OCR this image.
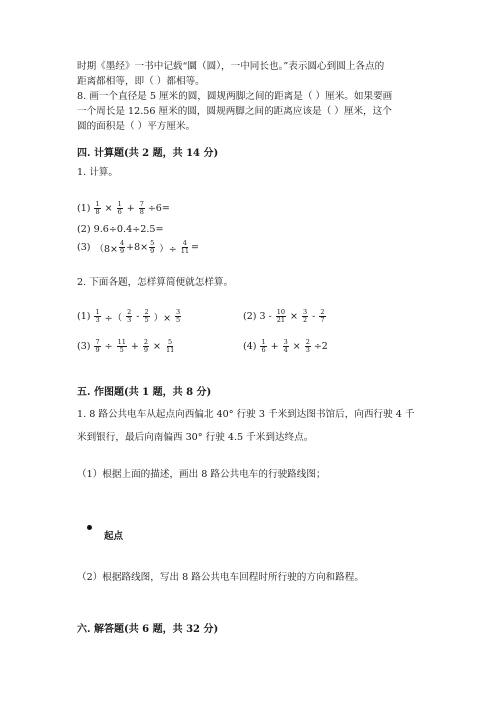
时期《墨经》一书中记载“圜（圆），一中同长也。”表示圆心到圆上各点的
距离都相等，即（ ）都相等。
8. 画一个直径是 5 厘米的圆，圆规两脚之间的距离是（ ）厘米。如果要画
一个周长是 12.56 厘米的圆，圆规两脚之间的距离应该是（ ）厘米，这个
圆的面积是（ ）平方厘米。
四. 计算题(共 2 题，共 14 分)
1. 计算。
$(1) \frac{1}{8} \times \frac{1}{6} + \frac{7}{8} \div 6=$
(2) 9.6÷0.4÷2.5=
(3) （$8\times \frac{4}{9} +8\times \frac{5}{9}$ ）÷ $\frac{4}{11}$ =
2. 下面各题，怎样算简便就怎样算。
$(1) \frac{1}{3}$ ÷（ $\frac{2}{3} - \frac{2}{5}$ ）× $\frac{3}{5}$	(2) $3 - \frac{10}{21} \times \frac{3}{2} - \frac{2}{7}$
$(3) \frac{7}{9} \div \frac{11}{5} + \frac{2}{9} \times \frac{5}{11}$	$(4) \frac{1}{6} + \frac{3}{4} \times \frac{2}{3} \div 2$
五. 作图题(共 1 题，共 8 分)
1. 8 路公共电车从起点向西偏北 40° 行驶 3 千米到达图书馆后，向西行驶 4 千
米到银行，最后向南偏西 30° 行驶 4.5 千米到达终点。
（1）根据上面的描述，画出 8 路公共电车的行驶路线图；
起点
（2）根据路线图，写出 8 路公共电车回程时所行驶的方向和路程。
六. 解答题(共 6 题，共 32 分)
